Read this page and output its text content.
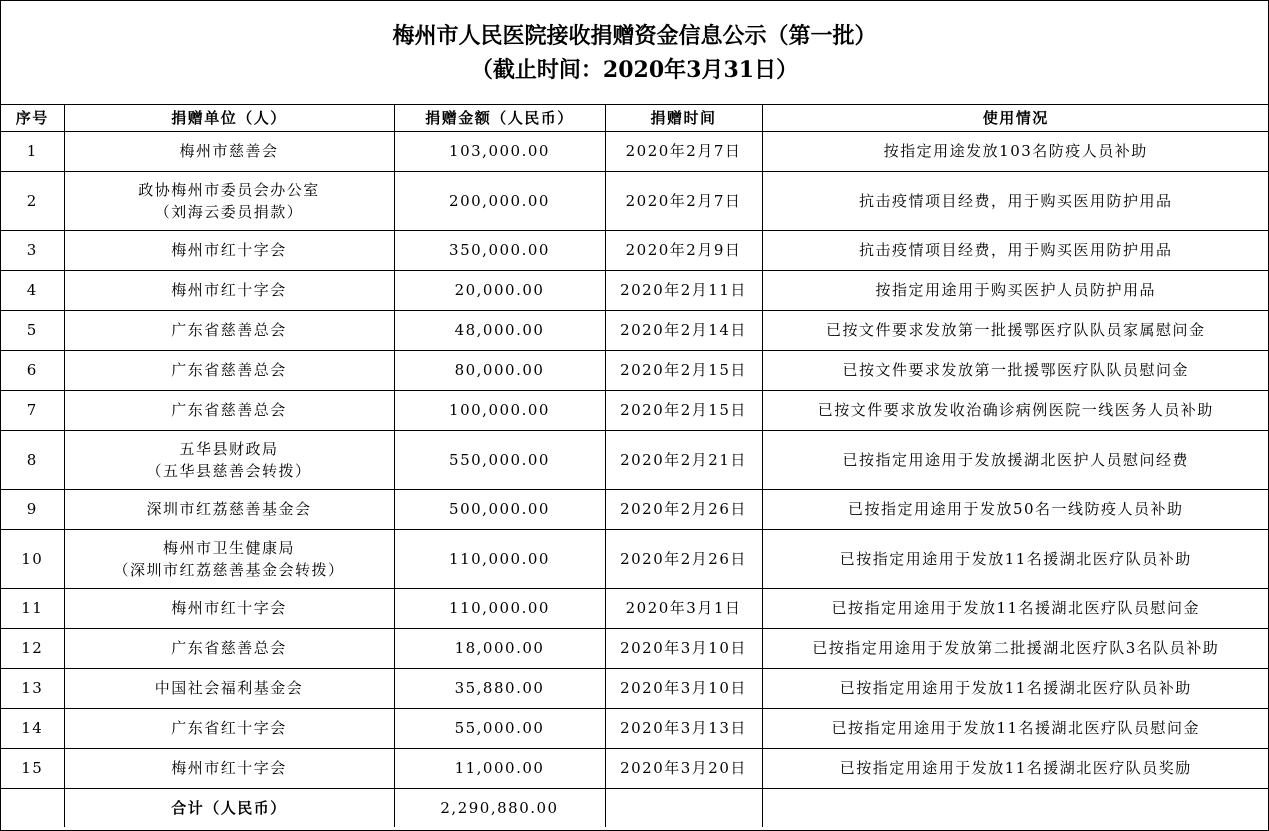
梅州市人民医院接收捐赠资金信息公示（第一批）
（截止时间：2020年3月31日）
序号	捐赠单位（人）	捐赠金额（人民币）	捐赠时间	使用情况
1	梅州市慈善会	103,000.00	2020年2月7日	按指定用途发放103名防疫人员补助
2	政协梅州市委员会办公室
（刘海云委员捐款）	200,000.00	2020年2月7日	抗击疫情项目经费，用于购买医用防护用品
3	梅州市红十字会	350,000.00	2020年2月9日	抗击疫情项目经费，用于购买医用防护用品
4	梅州市红十字会	20,000.00	2020年2月11日	按指定用途用于购买医护人员防护用品
5	广东省慈善总会	48,000.00	2020年2月14日	已按文件要求发放第一批援鄂医疗队队员家属慰问金
6	广东省慈善总会	80,000.00	2020年2月15日	已按文件要求发放第一批援鄂医疗队队员慰问金
7	广东省慈善总会	100,000.00	2020年2月15日	已按文件要求放发收治确诊病例医院一线医务人员补助
8	五华县财政局
（五华县慈善会转拨）	550,000.00	2020年2月21日	已按指定用途用于发放援湖北医护人员慰问经费
9	深圳市红荔慈善基金会	500,000.00	2020年2月26日	已按指定用途用于发放50名一线防疫人员补助
10	梅州市卫生健康局
（深圳市红荔慈善基金会转拨）	110,000.00	2020年2月26日	已按指定用途用于发放11名援湖北医疗队员补助
11	梅州市红十字会	110,000.00	2020年3月1日	已按指定用途用于发放11名援湖北医疗队员慰问金
12	广东省慈善总会	18,000.00	2020年3月10日	已按指定用途用于发放第二批援湖北医疗队3名队员补助
13	中国社会福利基金会	35,880.00	2020年3月10日	已按指定用途用于发放11名援湖北医疗队员补助
14	广东省红十字会	55,000.00	2020年3月13日	已按指定用途用于发放11名援湖北医疗队员慰问金
15	梅州市红十字会	11,000.00	2020年3月20日	已按指定用途用于发放11名援湖北医疗队员奖励
	合计（人民币）	2,290,880.00		
